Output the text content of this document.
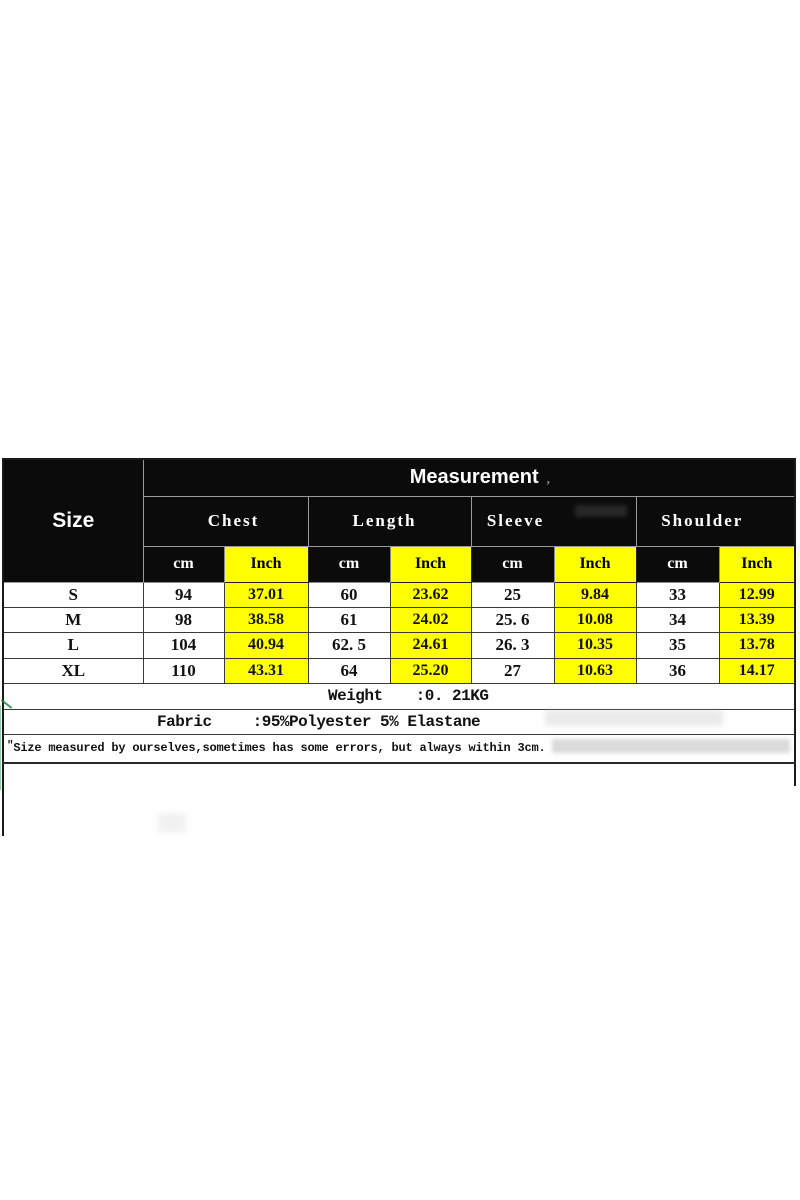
Size	Measurement ,							
	Chest		Length		Sleeve		Shoulder	
	cm	Inch	cm	Inch	cm	Inch	cm	Inch
S	94	37.01	60	23.62	25	9.84	33	12.99
M	98	38.58	61	24.02	25. 6	10.08	34	13.39
L	104	40.94	62. 5	24.61	26. 3	10.35	35	13.78
XL	110	43.31	64	25.20	27	10.63	36	14.17
Weight :0. 21KG								
Fabric :95%Polyester 5% Elastane								
"Size measured by ourselves,sometimes has some errors, but always within 3cm.								
